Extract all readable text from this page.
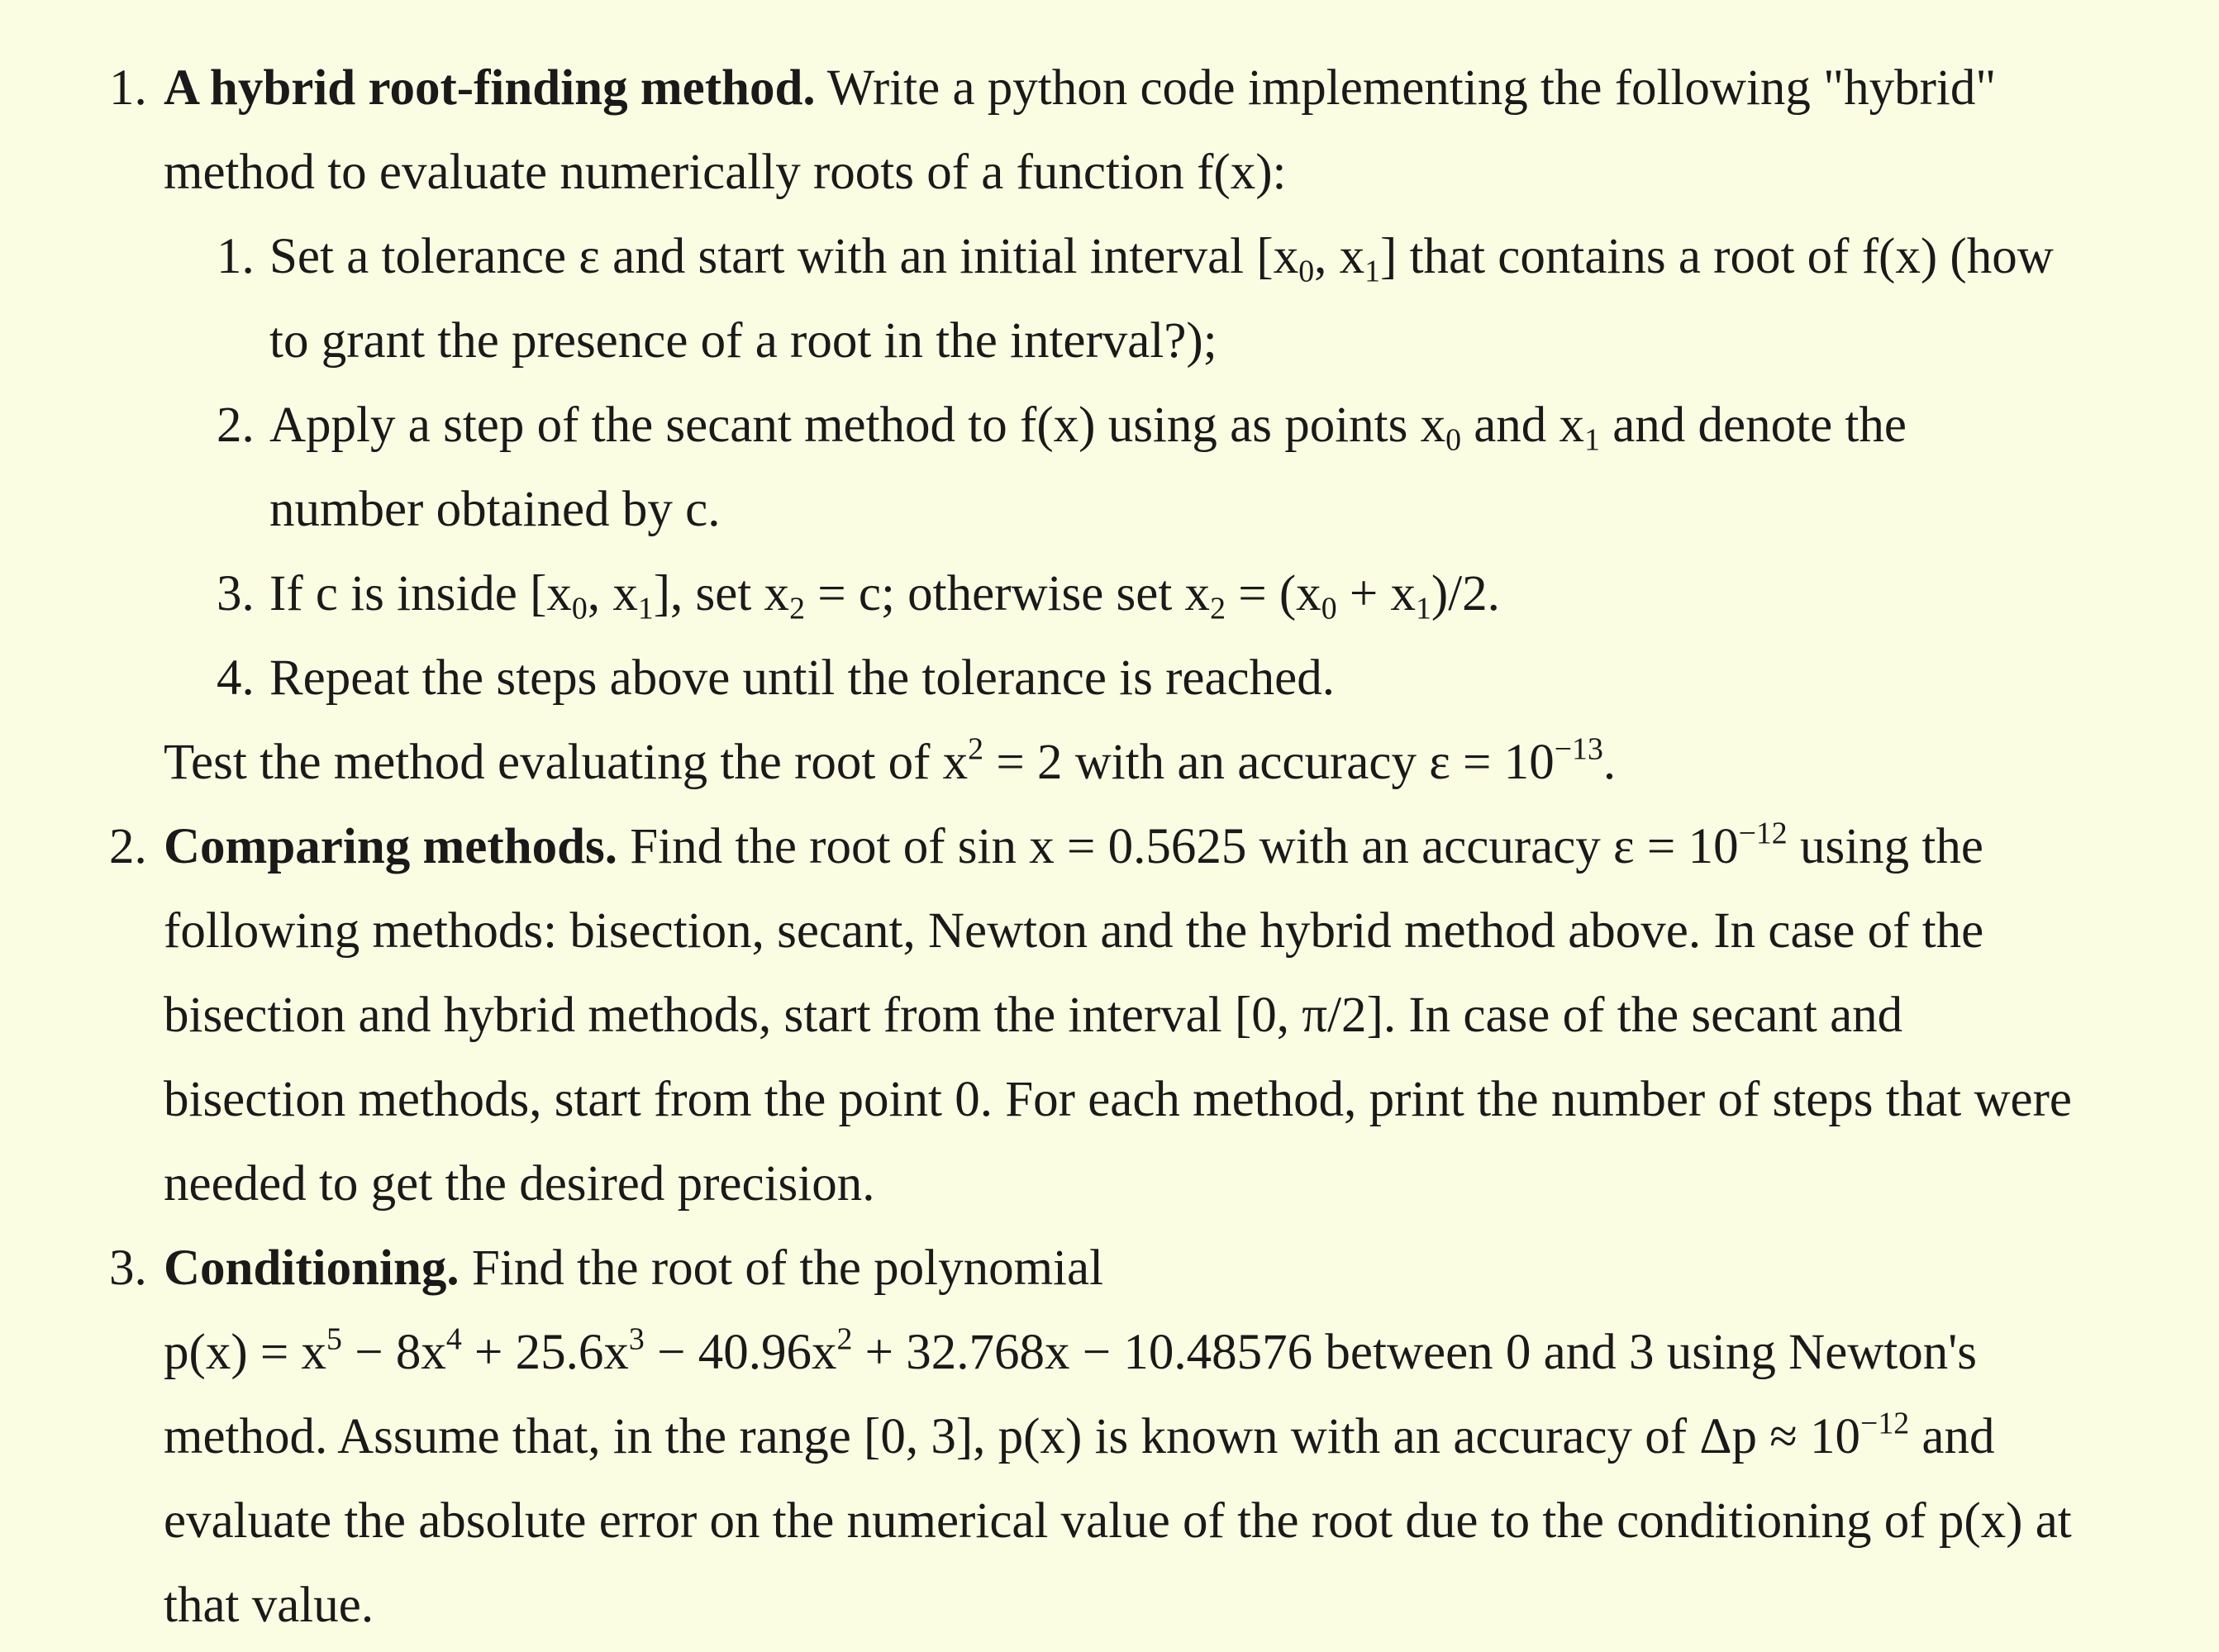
1. A hybrid root-finding method. Write a python code implementing the following "hybrid"
method to evaluate numerically roots of a function f(x):
1. Set a tolerance ε and start with an initial interval [$x_0$, $x_1$] that contains a root of f(x) (how
to grant the presence of a root in the interval?);
2. Apply a step of the secant method to f(x) using as points $x_0$ and $x_1$ and denote the
number obtained by c.
3. If c is inside [$x_0$, $x_1$], set $x_2 = c$; otherwise set $x_2 = (x_0 + x_1)/2$.
4. Repeat the steps above until the tolerance is reached.
Test the method evaluating the root of $x^2 = 2$ with an accuracy $\varepsilon = 10^{-13}$.
2. Comparing methods. Find the root of sin x = 0.5625 with an accuracy $\varepsilon = 10^{-12}$ using the
following methods: bisection, secant, Newton and the hybrid method above. In case of the
bisection and hybrid methods, start from the interval [0, π/2]. In case of the secant and
bisection methods, start from the point 0. For each method, print the number of steps that were
needed to get the desired precision.
3. Conditioning. Find the root of the polynomial
$p(x) = x^5 - 8x^4 + 25.6x^3 - 40.96x^2 + 32.768x - 10.48576$ between 0 and 3 using Newton's
method. Assume that, in the range [0, 3], p(x) is known with an accuracy of $\Delta p \approx 10^{-12}$ and
evaluate the absolute error on the numerical value of the root due to the conditioning of p(x) at
that value.
